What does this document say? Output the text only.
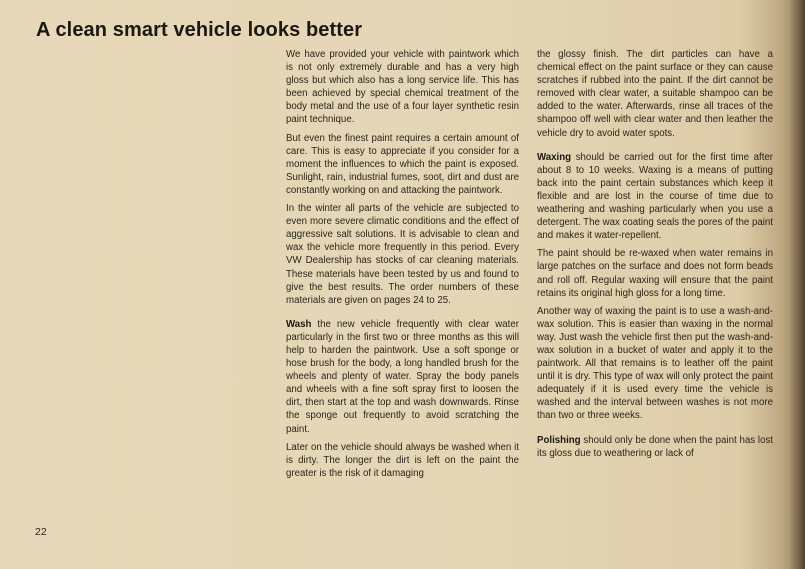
A clean smart vehicle looks better

We have provided your vehicle with paintwork which is not only extremely durable and has a very high gloss but which also has a long service life. This has been achieved by special chemical treatment of the body metal and the use of a four layer synthetic resin paint technique.

But even the finest paint requires a certain amount of care. This is easy to appreciate if you consider for a moment the influences to which the paint is exposed. Sunlight, rain, industrial fumes, soot, dirt and dust are constantly working on and attacking the paintwork.

In the winter all parts of the vehicle are subjected to even more severe climatic conditions and the effect of aggressive salt solutions. It is advisable to clean and wax the vehicle more frequently in this period. Every VW Dealership has stocks of car cleaning materials. These materials have been tested by us and found to give the best results. The order numbers of these materials are given on pages 24 to 25.

Wash the new vehicle frequently with clear water particularly in the first two or three months as this will help to harden the paintwork. Use a soft sponge or hose brush for the body, a long handled brush for the wheels and plenty of water. Spray the body panels and wheels with a fine soft spray first to loosen the dirt, then start at the top and wash downwards. Rinse the sponge out frequently to avoid scratching the paint.

Later on the vehicle should always be washed when it is dirty. The longer the dirt is left on the paint the greater is the risk of it damaging

the glossy finish. The dirt particles can have a chemical effect on the paint surface or they can cause scratches if rubbed into the paint. If the dirt cannot be removed with clear water, a suitable shampoo can be added to the water. Afterwards, rinse all traces of the shampoo off well with clear water and then leather the vehicle dry to avoid water spots.

Waxing should be carried out for the first time after about 8 to 10 weeks. Waxing is a means of putting back into the paint certain substances which keep it flexible and are lost in the course of time due to weathering and washing particularly when you use a detergent. The wax coating seals the pores of the paint and makes it water-repellent.

The paint should be re-waxed when water remains in large patches on the surface and does not form beads and roll off. Regular waxing will ensure that the paint retains its original high gloss for a long time.

Another way of waxing the paint is to use a wash-and-wax solution. This is easier than waxing in the normal way. Just wash the vehicle first then put the wash-and-wax solution in a bucket of water and apply it to the paintwork. All that remains is to leather off the paint until it is dry. This type of wax will only protect the paint adequately if it is used every time the vehicle is washed and the interval between washes is not more than two or three weeks.

Polishing should only be done when the paint has lost its gloss due to weathering or lack of

22
